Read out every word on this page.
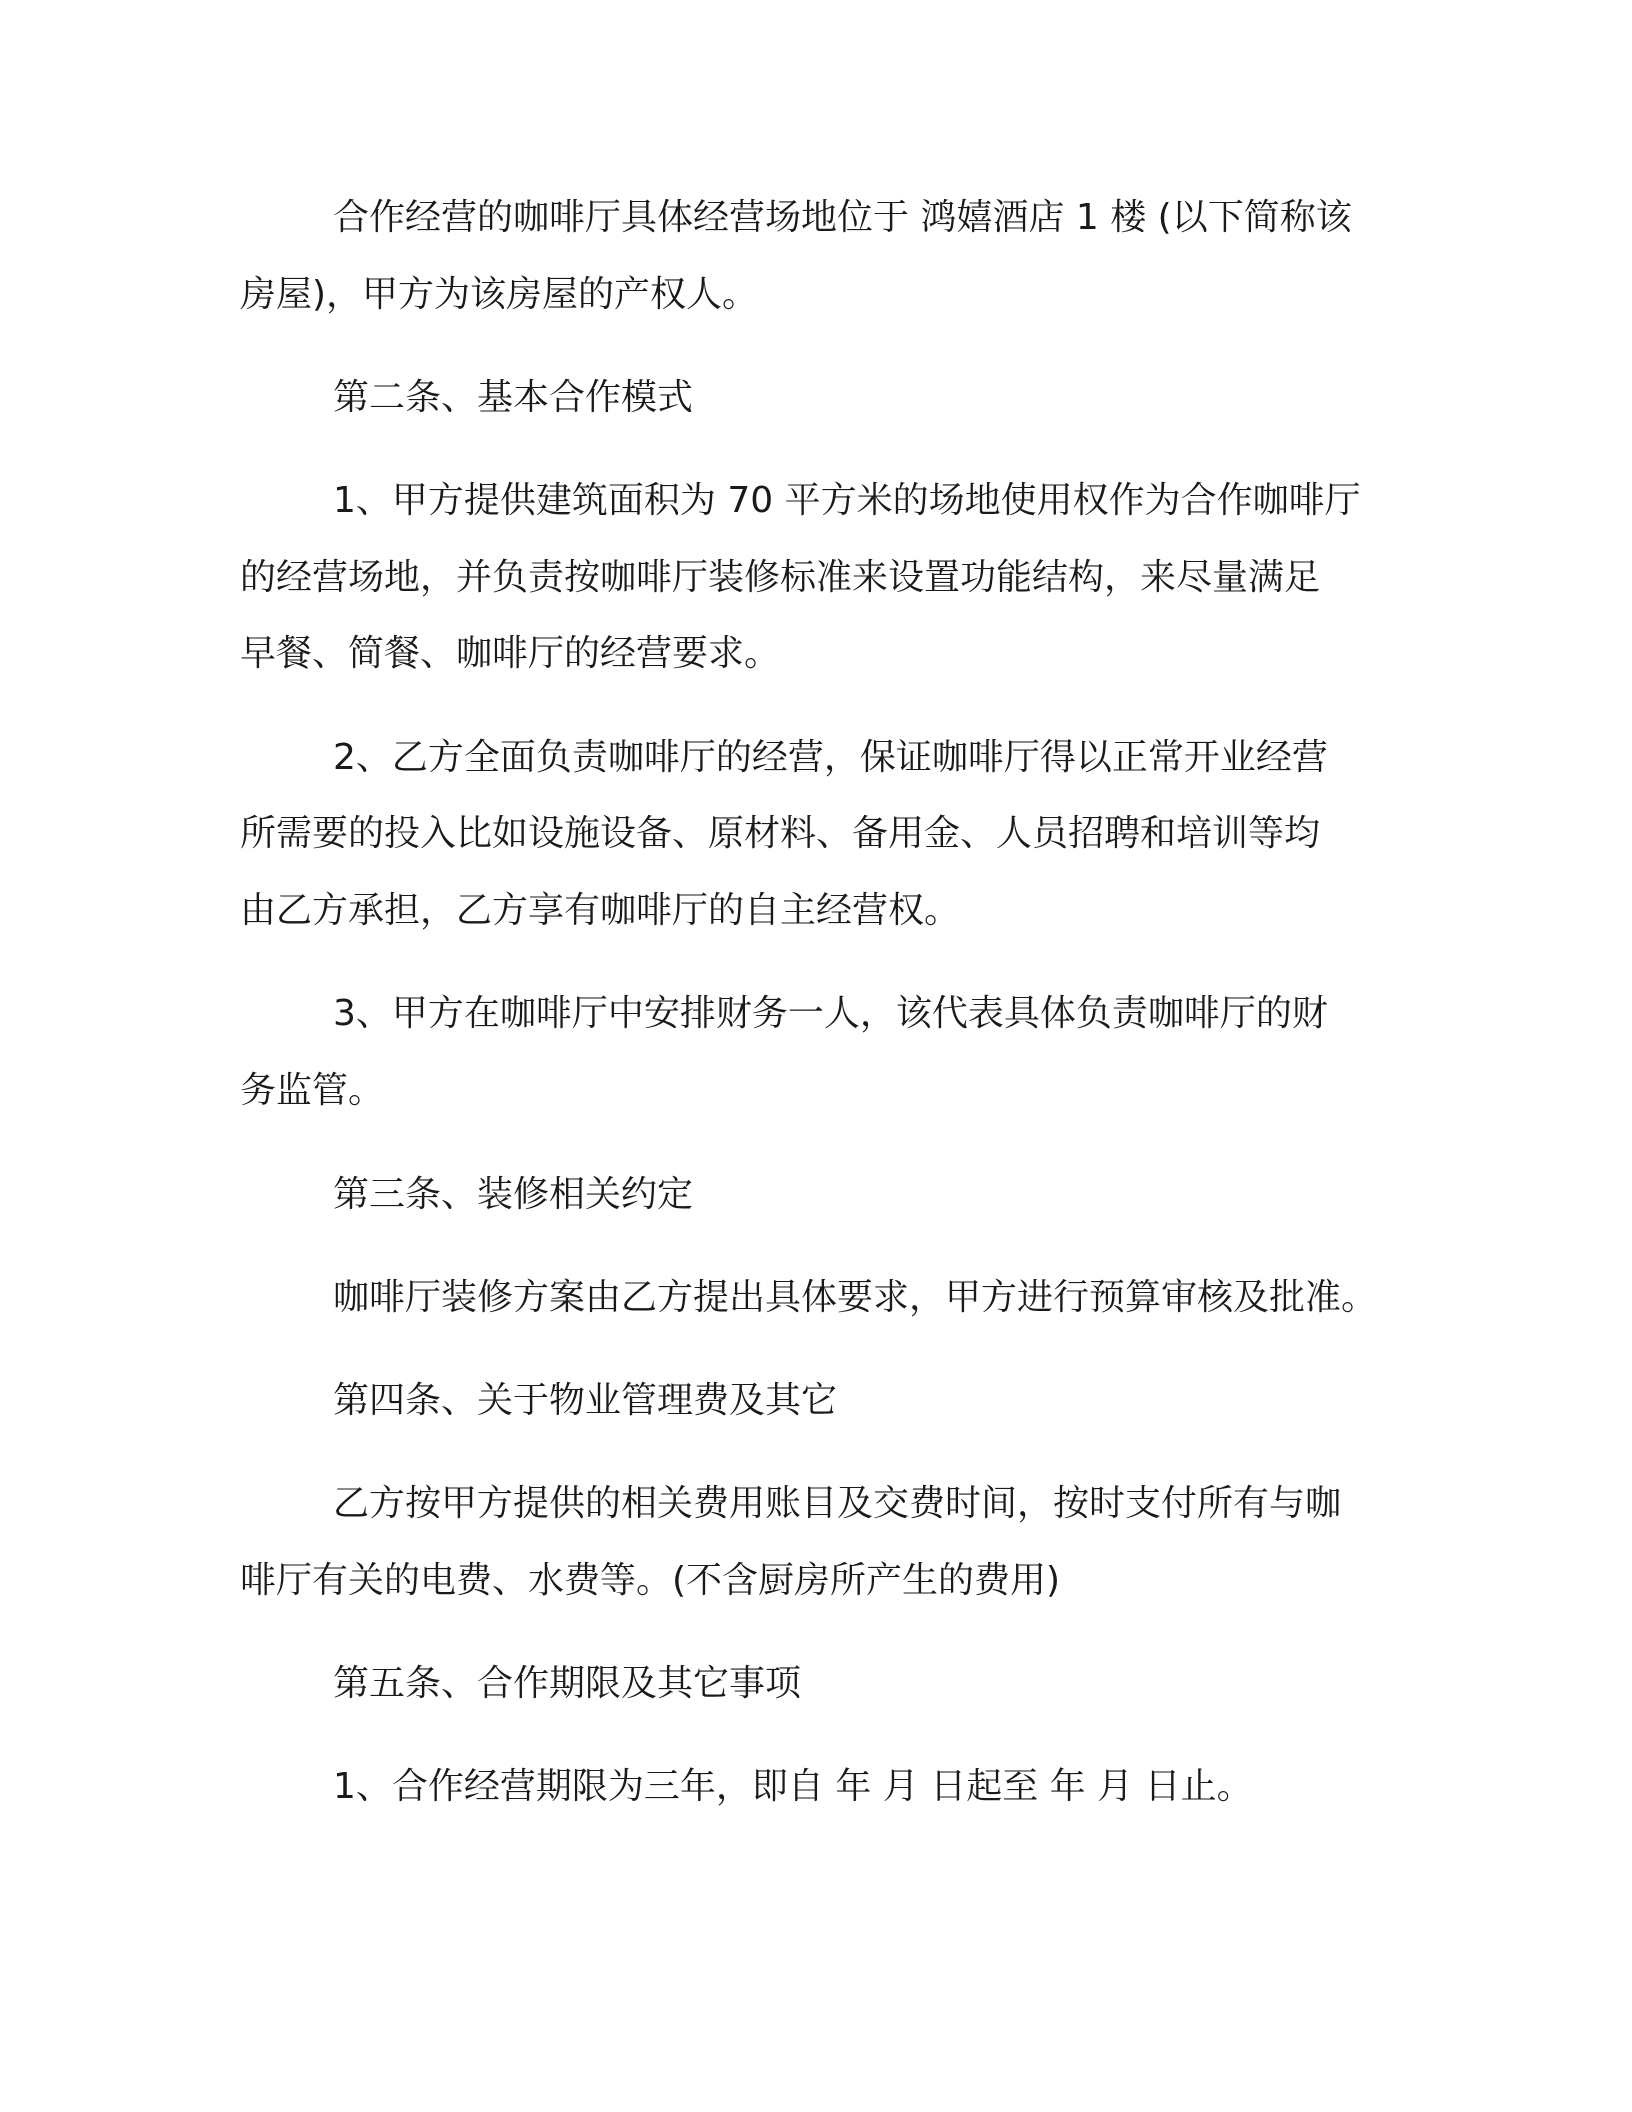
合作经营的咖啡厅具体经营场地位于 鸿嬉酒店 1 楼 (以下简称该
房屋)，甲方为该房屋的产权人。
第二条、基本合作模式
1、甲方提供建筑面积为 70 平方米的场地使用权作为合作咖啡厅
的经营场地，并负责按咖啡厅装修标准来设置功能结构，来尽量满足
早餐、简餐、咖啡厅的经营要求。
2、乙方全面负责咖啡厅的经营，保证咖啡厅得以正常开业经营
所需要的投入比如设施设备、原材料、备用金、人员招聘和培训等均
由乙方承担，乙方享有咖啡厅的自主经营权。
3、甲方在咖啡厅中安排财务一人，该代表具体负责咖啡厅的财
务监管。
第三条、装修相关约定
咖啡厅装修方案由乙方提出具体要求，甲方进行预算审核及批准。
第四条、关于物业管理费及其它
乙方按甲方提供的相关费用账目及交费时间，按时支付所有与咖
啡厅有关的电费、水费等。(不含厨房所产生的费用)
第五条、合作期限及其它事项
1、合作经营期限为三年，即自 年 月 日起至 年 月 日止。
